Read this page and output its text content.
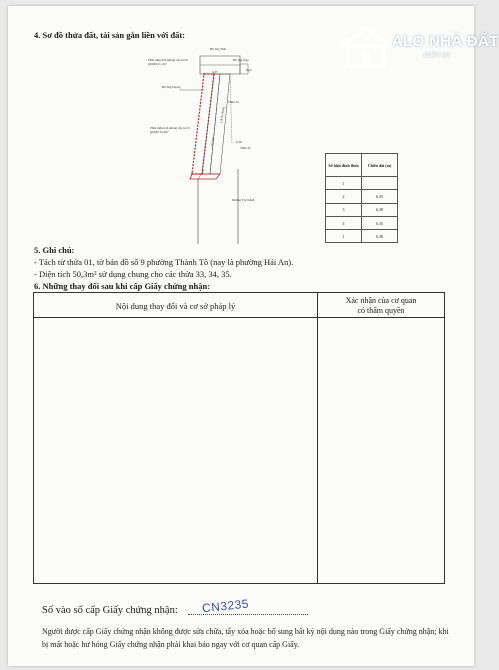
ALO NHÀ ĐẤT
.com.vn
4. Sơ đồ thửa đất, tài sản gắn liền với đất:
Hộ ông Thái
Phần diện tích không cấp GCN QSDĐ 21,1m²
Hộ ông Ngọ
Ngõ
Hộ ông Phong
Thửa 34
Thửa 35
Phần diện tích không cấp GCN QSDĐ 43,4m²
Lối đi chung
50,3m²
6,35
6,38
Đường Tây Kênh
Số hiệu đỉnh thửa	Chiều dài (m)
1	
2	6,35
3	6,38
4	6,35
1	6,38
5. Ghi chú:
- Tách từ thửa 01, tờ bản đồ số 9 phường Thành Tô (nay là phường Hải An).
- Diện tích 50,3m² sử dụng chung cho các thửa 33, 34, 35.
6. Những thay đổi sau khi cấp Giấy chứng nhận:
Nội dung thay đổi và cơ sở pháp lý
Xác nhận của cơ quan
có thẩm quyền
Số vào sổ cấp Giấy chứng nhận: CN3235
Người được cấp Giấy chứng nhận không được sửa chữa, tẩy xóa hoặc bổ sung bất kỳ nội dung nào trong Giấy chứng nhận; khi bị mất hoặc hư hỏng Giấy chứng nhận phải khai báo ngay với cơ quan cấp Giấy.
